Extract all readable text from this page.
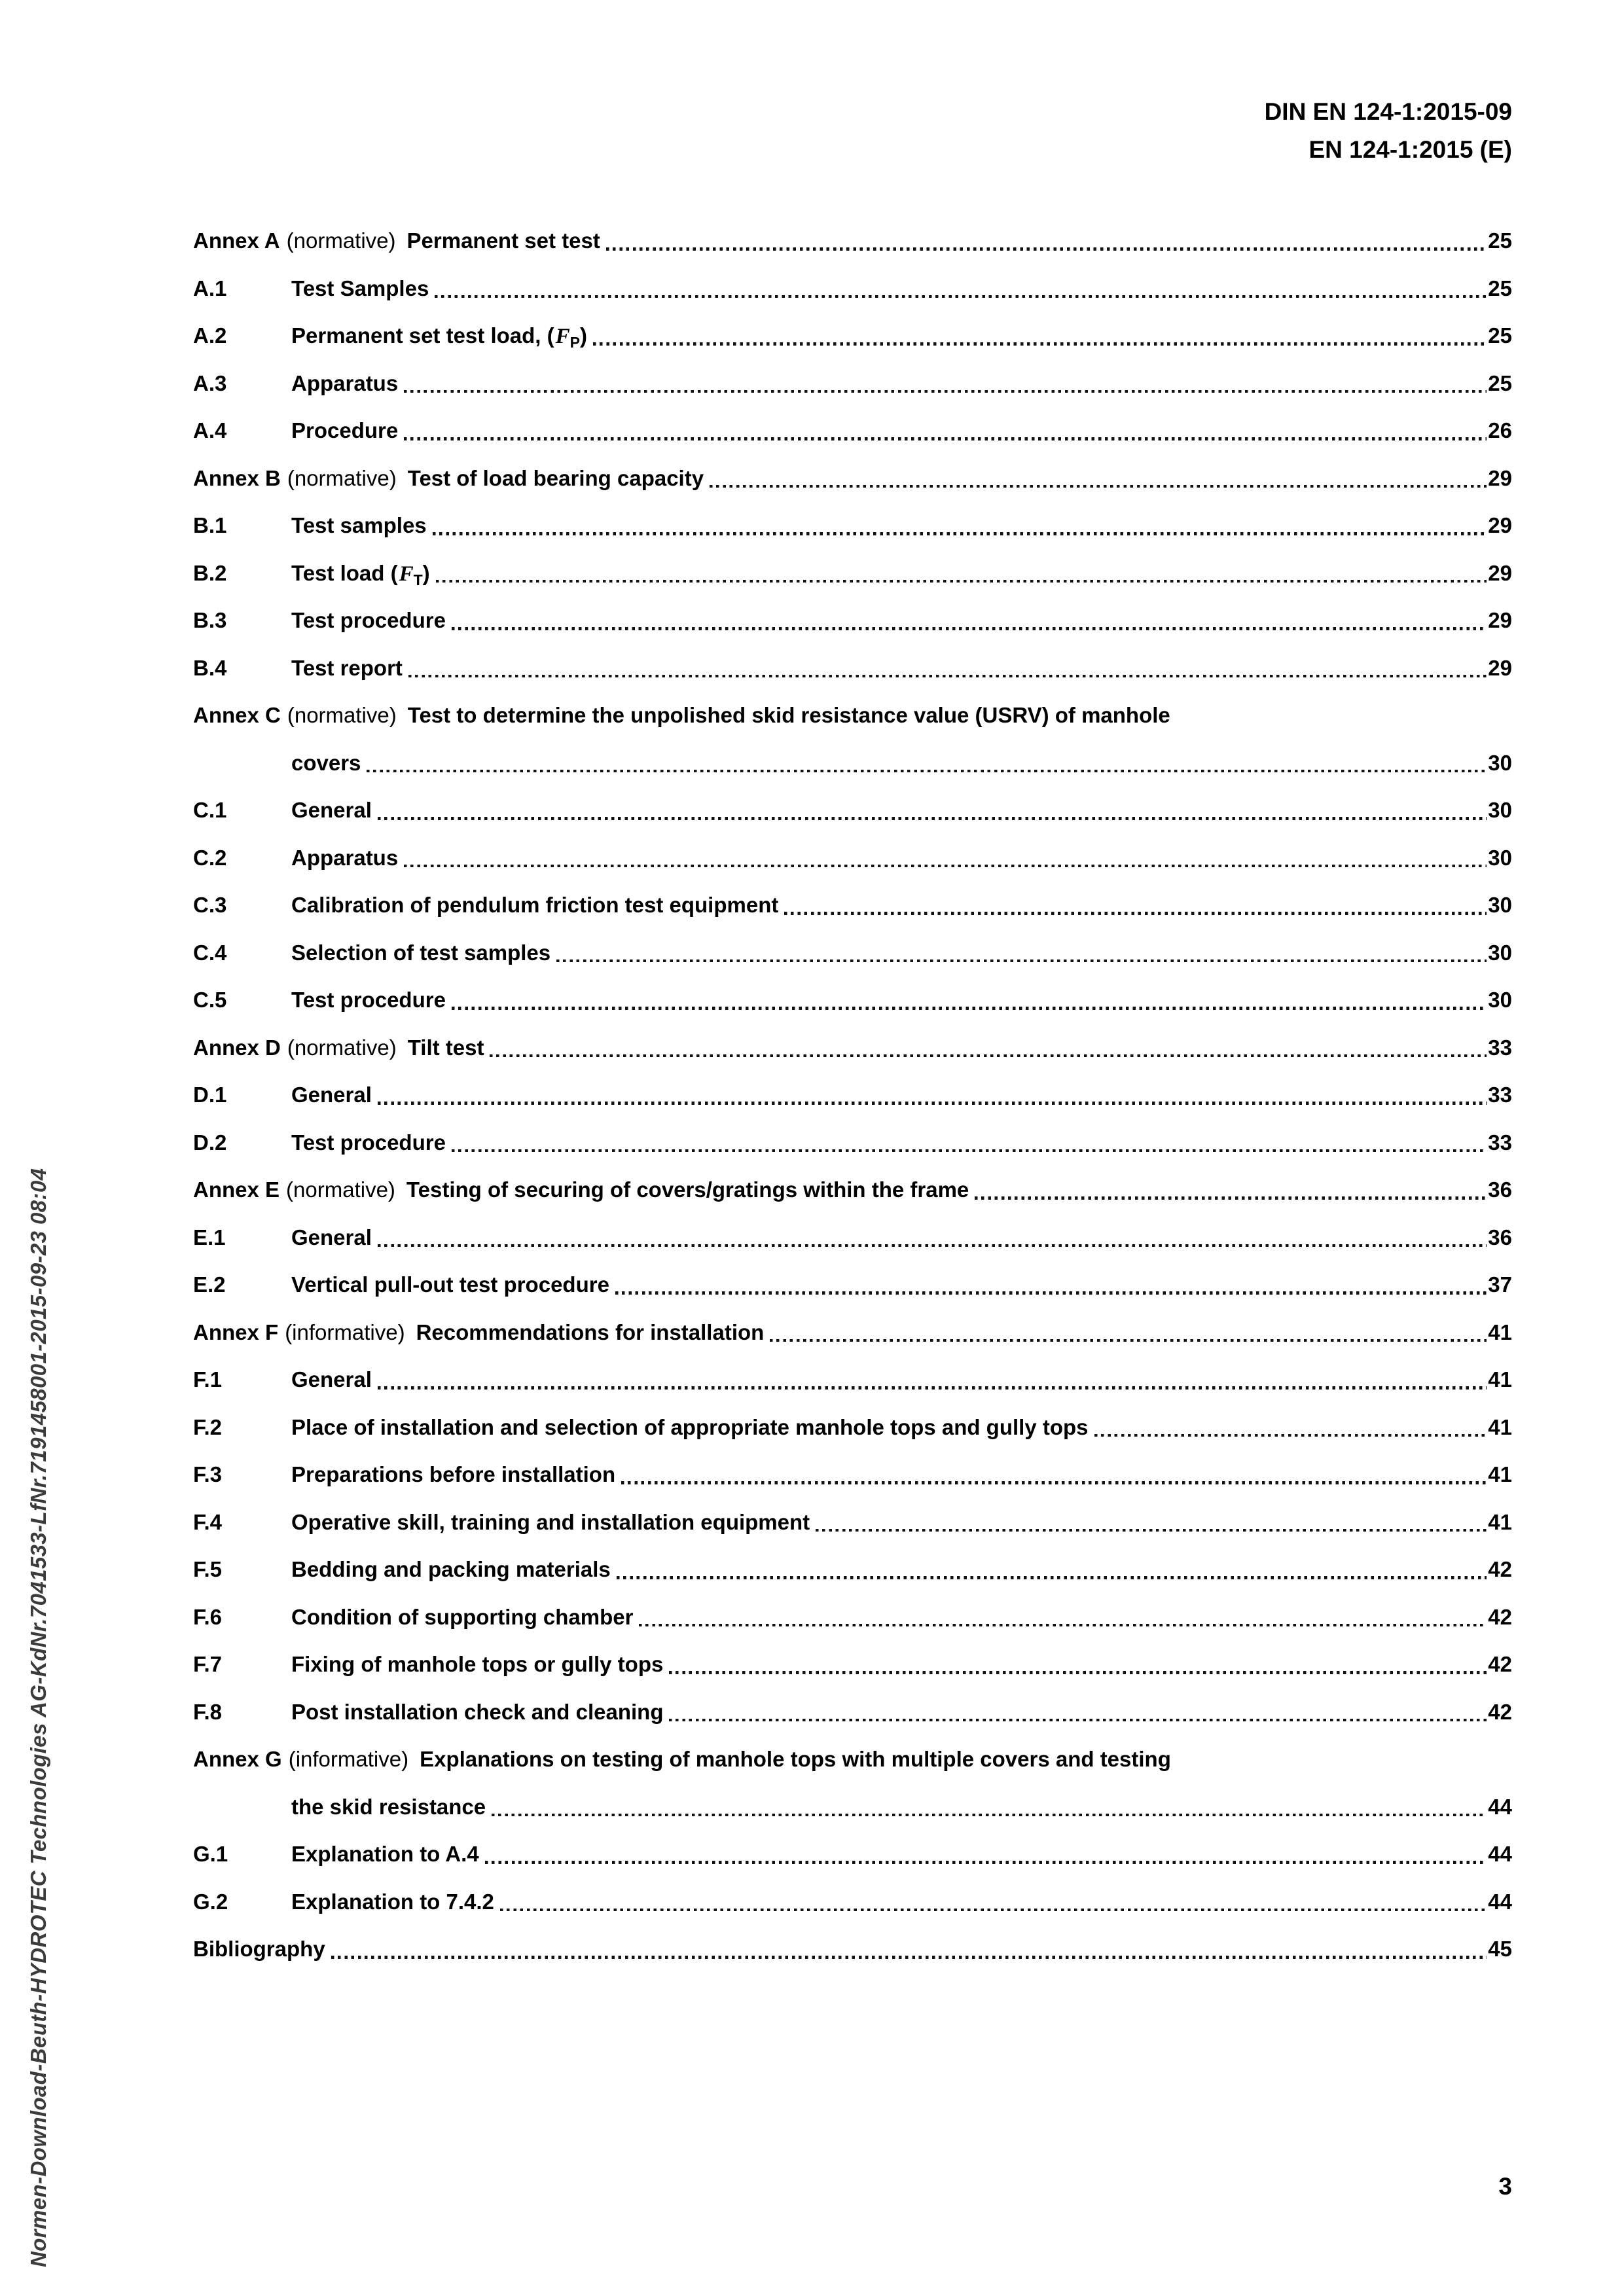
DIN EN 124-1:2015-09
EN 124-1:2015 (E)
Annex A (normative) Permanent set test	25
A.1	Test Samples	25
A.2	Permanent set test load, $(F_P)$	25
A.3	Apparatus	25
A.4	Procedure	26
Annex B (normative) Test of load bearing capacity	29
B.1	Test samples	29
B.2	Test load $(F_T)$	29
B.3	Test procedure	29
B.4	Test report	29
Annex C (normative) Test to determine the unpolished skid resistance value (USRV) of manhole
covers	30
C.1	General	30
C.2	Apparatus	30
C.3	Calibration of pendulum friction test equipment	30
C.4	Selection of test samples	30
C.5	Test procedure	30
Annex D (normative) Tilt test	33
D.1	General	33
D.2	Test procedure	33
Annex E (normative) Testing of securing of covers/gratings within the frame	36
E.1	General	36
E.2	Vertical pull-out test procedure	37
Annex F (informative) Recommendations for installation	41
F.1	General	41
F.2	Place of installation and selection of appropriate manhole tops and gully tops	41
F.3	Preparations before installation	41
F.4	Operative skill, training and installation equipment	41
F.5	Bedding and packing materials	42
F.6	Condition of supporting chamber	42
F.7	Fixing of manhole tops or gully tops	42
F.8	Post installation check and cleaning	42
Annex G (informative) Explanations on testing of manhole tops with multiple covers and testing
the skid resistance	44
G.1	Explanation to A.4	44
G.2	Explanation to 7.4.2	44
Bibliography	45
Normen-Download-Beuth-HYDROTEC Technologies AG-KdNr.7041533-LfNr.7191458001-2015-09-23 08:04	3
